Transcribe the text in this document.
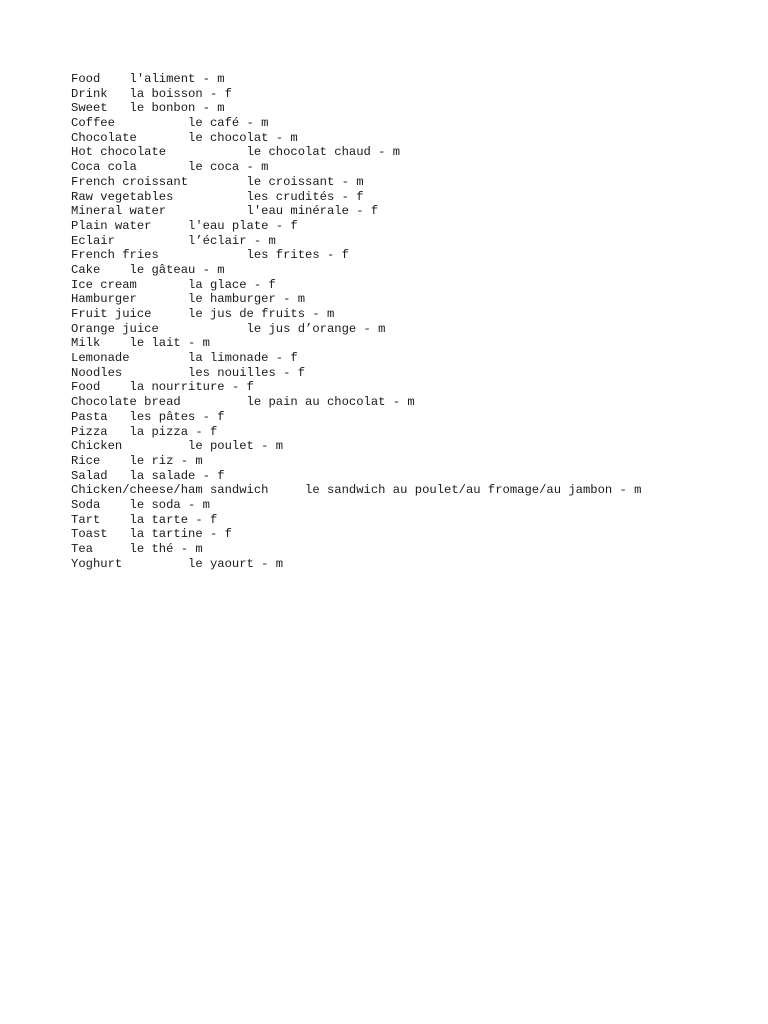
Food	l'aliment - m
Drink	la boisson - f
Sweet	le bonbon - m
Coffee		le café - m
Chocolate	le chocolat - m
Hot chocolate		le chocolat chaud - m
Coca cola	le coca - m
French croissant	le croissant - m
Raw vegetables		les crudités - f
Mineral water		l'eau minérale - f
Plain water	l'eau plate - f
Eclair		l’éclair - m
French fries		les frites - f
Cake	le gâteau - m
Ice cream	la glace - f
Hamburger	le hamburger - m
Fruit juice	le jus de fruits - m
Orange juice		le jus d’orange - m
Milk	le lait - m
Lemonade	la limonade - f
Noodles		les nouilles - f
Food	la nourriture - f
Chocolate bread		le pain au chocolat - m
Pasta	les pâtes - f
Pizza	la pizza - f
Chicken		le poulet - m
Rice	le riz - m
Salad	la salade - f
Chicken/cheese/ham sandwich	le sandwich au poulet/au fromage/au jambon - m
Soda	le soda - m
Tart	la tarte - f
Toast	la tartine - f
Tea	le thé - m
Yoghurt		le yaourt - m
